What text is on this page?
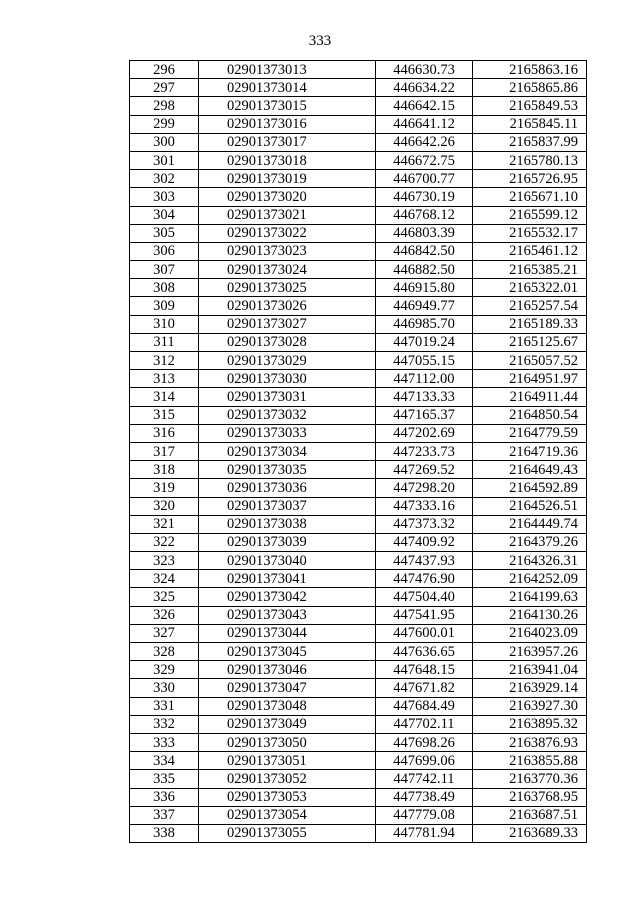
333
296	02901373013	446630.73	2165863.16
297	02901373014	446634.22	2165865.86
298	02901373015	446642.15	2165849.53
299	02901373016	446641.12	2165845.11
300	02901373017	446642.26	2165837.99
301	02901373018	446672.75	2165780.13
302	02901373019	446700.77	2165726.95
303	02901373020	446730.19	2165671.10
304	02901373021	446768.12	2165599.12
305	02901373022	446803.39	2165532.17
306	02901373023	446842.50	2165461.12
307	02901373024	446882.50	2165385.21
308	02901373025	446915.80	2165322.01
309	02901373026	446949.77	2165257.54
310	02901373027	446985.70	2165189.33
311	02901373028	447019.24	2165125.67
312	02901373029	447055.15	2165057.52
313	02901373030	447112.00	2164951.97
314	02901373031	447133.33	2164911.44
315	02901373032	447165.37	2164850.54
316	02901373033	447202.69	2164779.59
317	02901373034	447233.73	2164719.36
318	02901373035	447269.52	2164649.43
319	02901373036	447298.20	2164592.89
320	02901373037	447333.16	2164526.51
321	02901373038	447373.32	2164449.74
322	02901373039	447409.92	2164379.26
323	02901373040	447437.93	2164326.31
324	02901373041	447476.90	2164252.09
325	02901373042	447504.40	2164199.63
326	02901373043	447541.95	2164130.26
327	02901373044	447600.01	2164023.09
328	02901373045	447636.65	2163957.26
329	02901373046	447648.15	2163941.04
330	02901373047	447671.82	2163929.14
331	02901373048	447684.49	2163927.30
332	02901373049	447702.11	2163895.32
333	02901373050	447698.26	2163876.93
334	02901373051	447699.06	2163855.88
335	02901373052	447742.11	2163770.36
336	02901373053	447738.49	2163768.95
337	02901373054	447779.08	2163687.51
338	02901373055	447781.94	2163689.33
